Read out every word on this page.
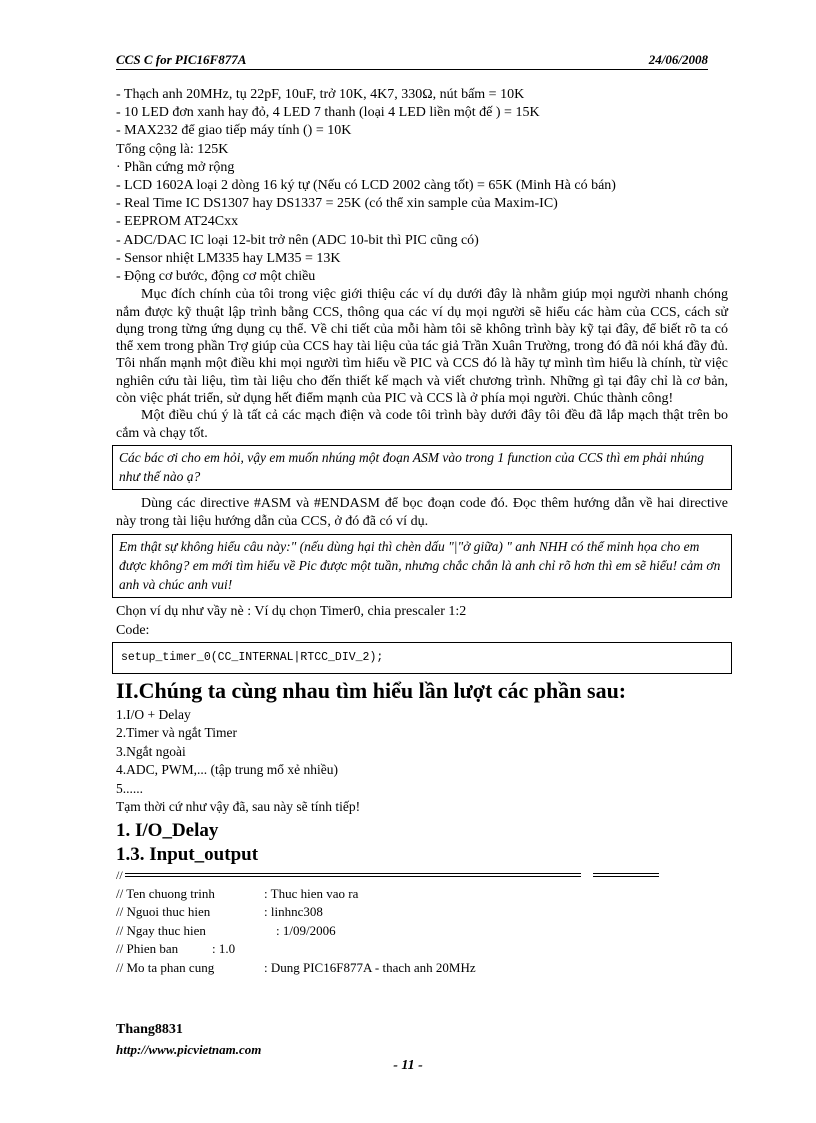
CCS C for PIC16F877A	24/06/2008
- Thạch anh 20MHz, tụ 22pF, 10uF, trở 10K, 4K7, 330Ω, nút bấm = 10K
- 10 LED đơn xanh hay đỏ, 4 LED 7 thanh (loại 4 LED liền một đế ) = 15K
- MAX232 để giao tiếp máy tính () = 10K
Tổng cộng là: 125K
· Phần cứng mở rộng
- LCD 1602A loại 2 dòng 16 ký tự (Nếu có LCD 2002 càng tốt) = 65K (Minh Hà có bán)
- Real Time IC DS1307 hay DS1337 = 25K (có thể xin sample của Maxim-IC)
- EEPROM AT24Cxx
- ADC/DAC IC loại 12-bit trở nên (ADC 10-bit thì PIC cũng có)
- Sensor nhiệt LM335 hay LM35 = 13K
- Động cơ bước, động cơ một chiều

Mục đích chính của tôi trong việc giới thiệu các ví dụ dưới đây là nhằm giúp mọi người nhanh chóng nắm được kỹ thuật lập trình bằng CCS, thông qua các ví dụ mọi người sẽ hiểu các hàm của CCS, cách sử dụng trong từng ứng dụng cụ thể. Về chi tiết của mỗi hàm tôi sẽ không trình bày kỹ tại đây, để biết rõ ta có thể xem trong phần Trợ giúp của CCS hay tài liệu của tác giả Trần Xuân Trường, trong đó đã nói khá đầy đủ. Tôi nhấn mạnh một điều khi mọi người tìm hiểu về PIC và CCS đó là hãy tự mình tìm hiểu là chính, từ việc nghiên cứu tài liệu, tìm tài liệu cho đến thiết kế mạch và viết chương trình. Những gì tại đây chỉ là cơ bản, còn việc phát triển, sử dụng hết điểm mạnh của PIC và CCS là ở phía mọi người. Chúc thành công!

Một điều chú ý là tất cả các mạch điện và code tôi trình bày dưới đây tôi đều đã lắp mạch thật trên bo cắm và chạy tốt.

Các bác ơi cho em hỏi, vậy em muốn nhúng một đoạn ASM vào trong 1 function của CCS thì em phải nhúng như thế nào ạ?

Dùng các directive #ASM và #ENDASM để bọc đoạn code đó. Đọc thêm hướng dẫn về hai directive này trong tài liệu hướng dẫn của CCS, ở đó đã có ví dụ.

Em thật sự không hiểu câu này:" (nếu dùng hại thì chèn dấu "|"ở giữa) " anh NHH có thể minh họa cho em được không? em mới tìm hiểu về Pic được một tuần, nhưng chắc chắn là anh chỉ rõ hơn thì em sẽ hiểu! cảm ơn anh và chúc anh vui!
Chọn ví dụ như vầy nè : Ví dụ chọn Timer0, chia prescaler 1:2
Code:
setup_timer_0(CC_INTERNAL|RTCC_DIV_2);
II.Chúng ta cùng nhau tìm hiểu lần lượt các phần sau:
1.I/O + Delay
2.Timer và ngắt Timer
3.Ngắt ngoài
4.ADC, PWM,... (tập trung mổ xẻ nhiều)
5......
Tạm thời cứ như vậy đã, sau này sẽ tính tiếp!
1. I/O_Delay
1.3. Input_output
//
// Ten chuong trinh	: Thuc hien vao ra
// Nguoi thuc hien	: linhnc308
// Ngay thuc hien	: 1/09/2006
// Phien ban	: 1.0
// Mo ta phan cung	: Dung PIC16F877A - thach anh 20MHz
Thang8831
http://www.picvietnam.com
- 11 -
